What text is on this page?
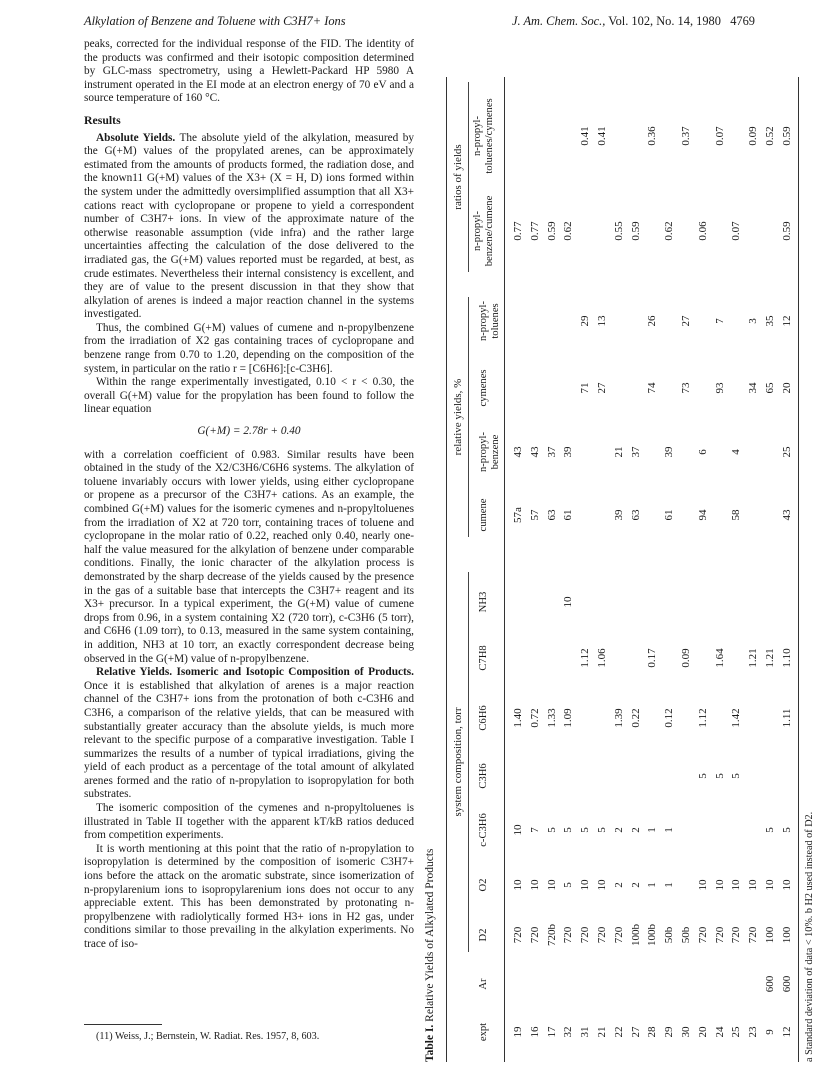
Alkylation of Benzene and Toluene with C3H7+ Ions	J. Am. Chem. Soc., Vol. 102, No. 14, 1980 4769

peaks, corrected for the individual response of the FID. The identity of the products was confirmed and their isotopic composition determined by GLC-mass spectrometry, using a Hewlett-Packard HP 5980 A instrument operated in the EI mode at an electron energy of 70 eV and a source temperature of 160 °C.

Results

Absolute Yields. The absolute yield of the alkylation, measured by the G(+M) values of the propylated arenes, can be approximately estimated from the amounts of products formed, the radiation dose, and the known11 G(+M) values of the X3+ (X = H, D) ions formed within the system under the admittedly oversimplified assumption that all X3+ cations react with cyclopropane or propene to yield a correspondent number of C3H7+ ions. In view of the approximate nature of the otherwise reasonable assumption (vide infra) and the rather large uncertainties affecting the calculation of the dose delivered to the irradiated gas, the G(+M) values reported must be regarded, at best, as crude estimates. Nevertheless their internal consistency is excellent, and they are of value to the present discussion in that they show that alkylation of arenes is indeed a major reaction channel in the systems investigated.

Thus, the combined G(+M) values of cumene and n-propylbenzene from the irradiation of X2 gas containing traces of cyclopropane and benzene range from 0.70 to 1.20, depending on the composition of the system, in particular on the ratio r = [C6H6]:[c-C3H6].

Within the range experimentally investigated, 0.10 < r < 0.30, the overall G(+M) value for the propylation has been found to follow the linear equation

G(+M) = 2.78r + 0.40

with a correlation coefficient of 0.983. Similar results have been obtained in the study of the X2/C3H6/C6H6 systems. The alkylation of toluene invariably occurs with lower yields, using either cyclopropane or propene as a precursor of the C3H7+ cations. As an example, the combined G(+M) values for the isomeric cymenes and n-propyltoluenes from the irradiation of X2 at 720 torr, containing traces of toluene and cyclopropane in the molar ratio of 0.22, reached only 0.40, nearly one-half the value measured for the alkylation of benzene under comparable conditions. Finally, the ionic character of the alkylation process is demonstrated by the sharp decrease of the yields caused by the presence in the gas of a suitable base that intercepts the C3H7+ reagent and its X3+ precursor. In a typical experiment, the G(+M) value of cumene drops from 0.96, in a system containing X2 (720 torr), c-C3H6 (5 torr), and C6H6 (1.09 torr), to 0.13, measured in the same system containing, in addition, NH3 at 10 torr, an exactly correspondent decrease being observed in the G(+M) value of n-propylbenzene.

Relative Yields. Isomeric and Isotopic Composition of Products. Once it is established that alkylation of arenes is a major reaction channel of the C3H7+ ions from the protonation of both c-C3H6 and C3H6, a comparison of the relative yields, that can be measured with substantially greater accuracy than the absolute yields, is much more relevant to the specific purpose of a comparative investigation. Table I summarizes the results of a number of typical irradiations, giving the yield of each product as a percentage of the total amount of alkylated arenes formed and the ratio of n-propylation to isopropylation for both substrates.

The isomeric composition of the cymenes and n-propyltoluenes is illustrated in Table II together with the apparent kT/kB ratios deduced from competition experiments.

It is worth mentioning at this point that the ratio of n-propylation to isopropylation is determined by the composition of isomeric C3H7+ ions before the attack on the aromatic substrate, since isomerization of n-propylarenium ions to isopropylarenium ions does not occur to any appreciable extent. This has been demonstrated by protonating n-propylbenzene with radiolytically formed H3+ ions in H2 gas, under conditions similar to those prevailing in the alkylation experiments. No trace of iso-

(11) Weiss, J.; Bernstein, W. Radiat. Res. 1957, 8, 603.	Table I. Relative Yields of Alkylated Products
system composition, torr
relative yields, %
ratios of yields
expt
Ar
D2
O2
c-C3H6
C3H6
C6H6
C7H8
NH3
cumene
n-propyl-benzene
cymenes
n-propyl-toluenes
n-propyl-benzene/cumene
n-propyl-toluenes/cymenes
19
720
10
10
1.40
57a
43
0.77
16
720
10
7
0.72
57
43
0.77
17
720b
10
5
1.33
63
37
0.59
32
720
5
5
1.09
10
61
39
0.62
31
720
10
5
1.12
71
29
0.41
21
720
10
5
1.06
27
13
0.41
22
720
2
2
1.39
39
21
0.55
27
100b
2
2
0.22
63
37
0.59
28
100b
1
1
0.17
74
26
0.36
29
50b
1
1
0.12
61
39
0.62
30
50b
0.09
73
27
0.37
20
720
10
5
1.12
94
6
0.06
24
720
10
5
1.64
93
7
0.07
25
720
10
5
1.42
58
4
0.07
23
720
10
1.21
34
3
0.09
9
600
100
10
5
1.21
65
35
0.52
12
600
100
10
5
1.11
1.10
43
25
20
12
0.59
0.59
a Standard deviation of data < 10%. b H2 used instead of D2.
